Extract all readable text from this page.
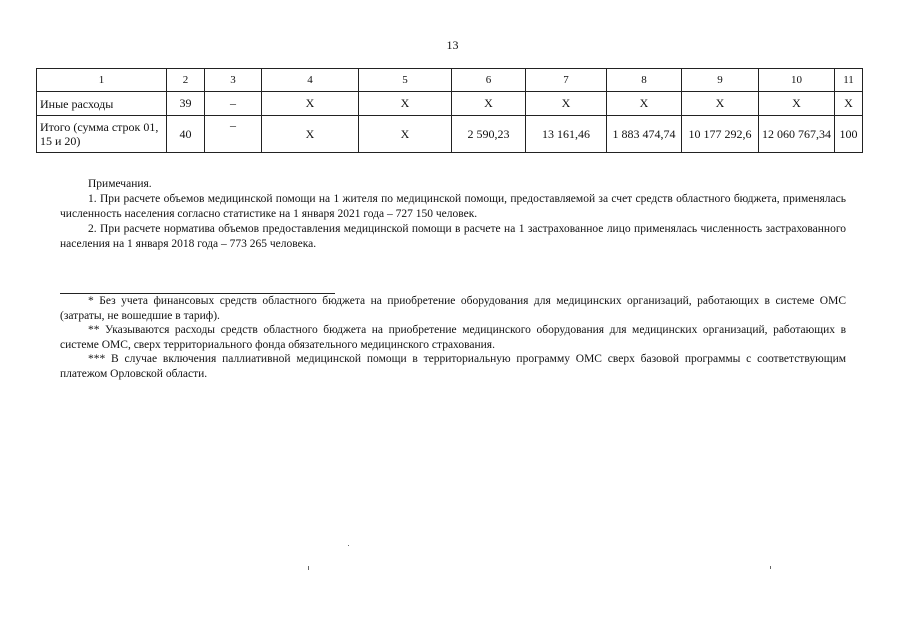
13
1	2	3	4	5	6	7	8	9	10	11
Иные расходы	39	–	Х	Х	Х	Х	Х	Х	Х	Х
Итого (сумма строк 01, 15 и 20)	40	–	Х	Х	2 590,23	13 161,46	1 883 474,74	10 177 292,6	12 060 767,34	100

Примечания.

1. При расчете объемов медицинской помощи на 1 жителя по медицинской помощи, предоставляемой за счет средств областного бюджета, применялась численность населения согласно статистике на 1 января 2021 года – 727 150 человек.

2. При расчете норматива объемов предоставления медицинской помощи в расчете на 1 застрахованное лицо применялась численность застрахованного населения на 1 января 2018 года – 773 265 человека.

* Без учета финансовых средств областного бюджета на приобретение оборудования для медицинских организаций, работающих в системе ОМС (затраты, не вошедшие в тариф).

** Указываются расходы средств областного бюджета на приобретение медицинского оборудования для медицинских организаций, работающих в системе ОМС, сверх территориального фонда обязательного медицинского страхования.

*** В случае включения паллиативной медицинской помощи в территориальную программу ОМС сверх базовой программы с соответствующим платежом Орловской области.
